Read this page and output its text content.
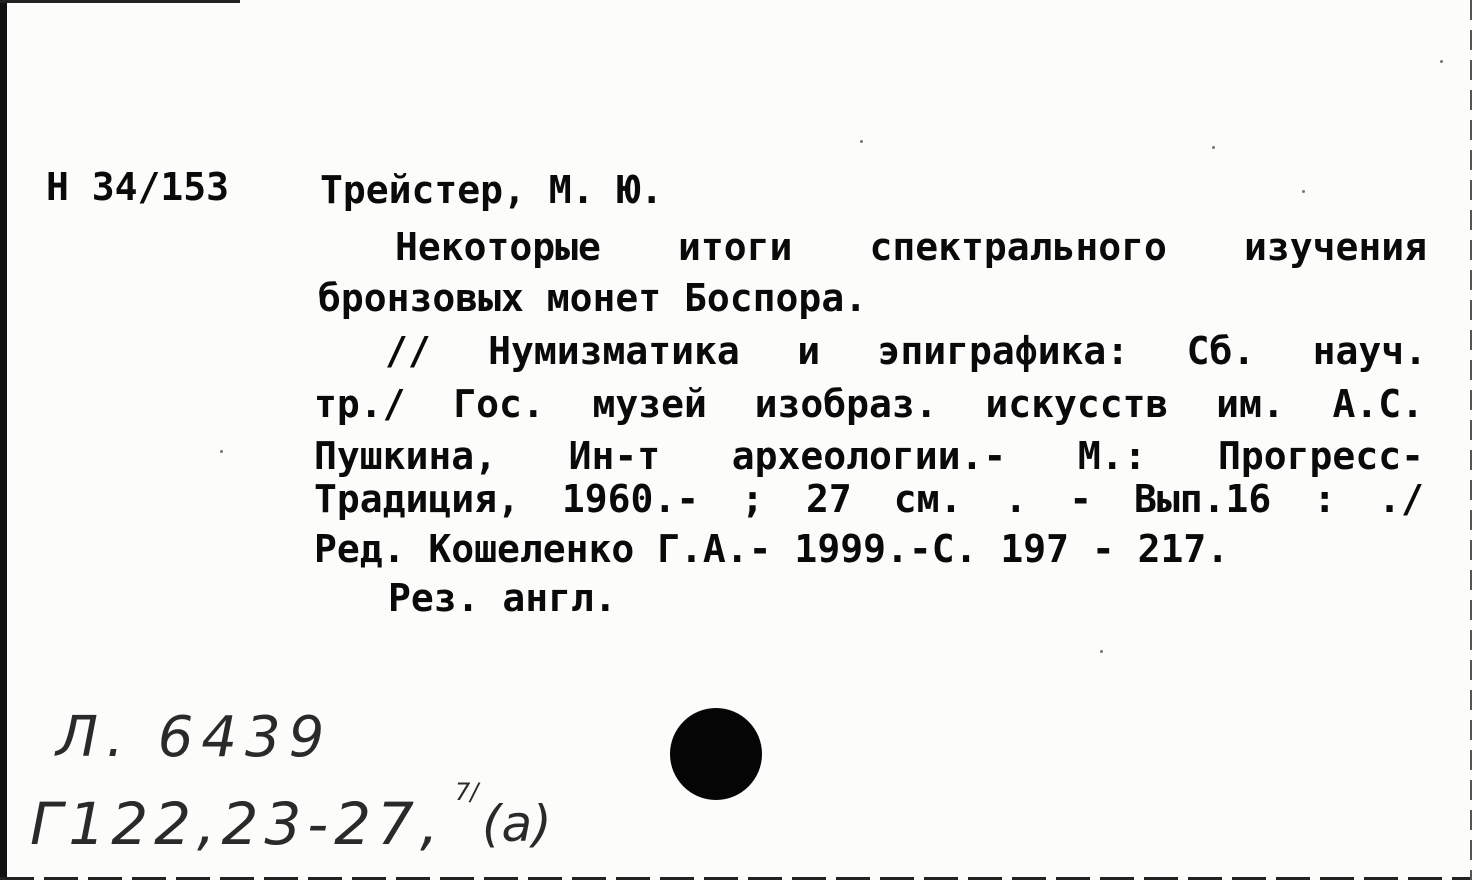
Н 34/153 Трейстер, М. Ю.
Некоторые итоги спектрального изучения
бронзовых монет Боспора.
// Нумизматика и эпиграфика: Сб. науч.
тр./ Гос. музей изобраз. искусств им. А.С.
Пушкина, Ин-т археологии.- М.: Прогресс-
Традиция, 1960.- ; 27 см. . - Вып.16 : ./
Ред. Кошеленко Г.А.- 1999.-С. 197 - 217.
Рез. англ.
Л. 6439
Г122,23-27, 7/
(а)
